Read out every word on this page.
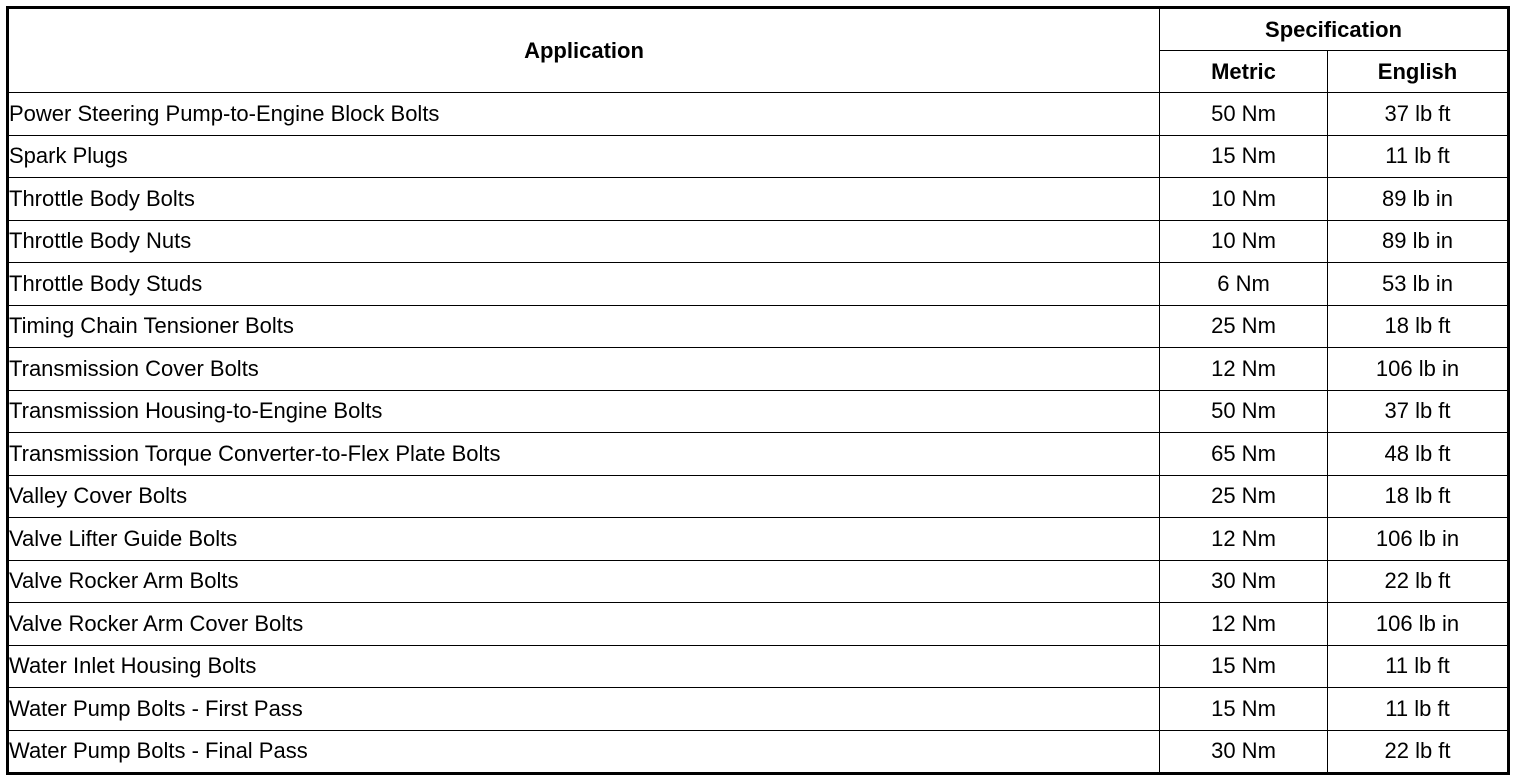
Application	Specification	
	Metric	English
Power Steering Pump-to-Engine Block Bolts	50 Nm	37 lb ft
Spark Plugs	15 Nm	11 lb ft
Throttle Body Bolts	10 Nm	89 lb in
Throttle Body Nuts	10 Nm	89 lb in
Throttle Body Studs	6 Nm	53 lb in
Timing Chain Tensioner Bolts	25 Nm	18 lb ft
Transmission Cover Bolts	12 Nm	106 lb in
Transmission Housing-to-Engine Bolts	50 Nm	37 lb ft
Transmission Torque Converter-to-Flex Plate Bolts	65 Nm	48 lb ft
Valley Cover Bolts	25 Nm	18 lb ft
Valve Lifter Guide Bolts	12 Nm	106 lb in
Valve Rocker Arm Bolts	30 Nm	22 lb ft
Valve Rocker Arm Cover Bolts	12 Nm	106 lb in
Water Inlet Housing Bolts	15 Nm	11 lb ft
Water Pump Bolts - First Pass	15 Nm	11 lb ft
Water Pump Bolts - Final Pass	30 Nm	22 lb ft
